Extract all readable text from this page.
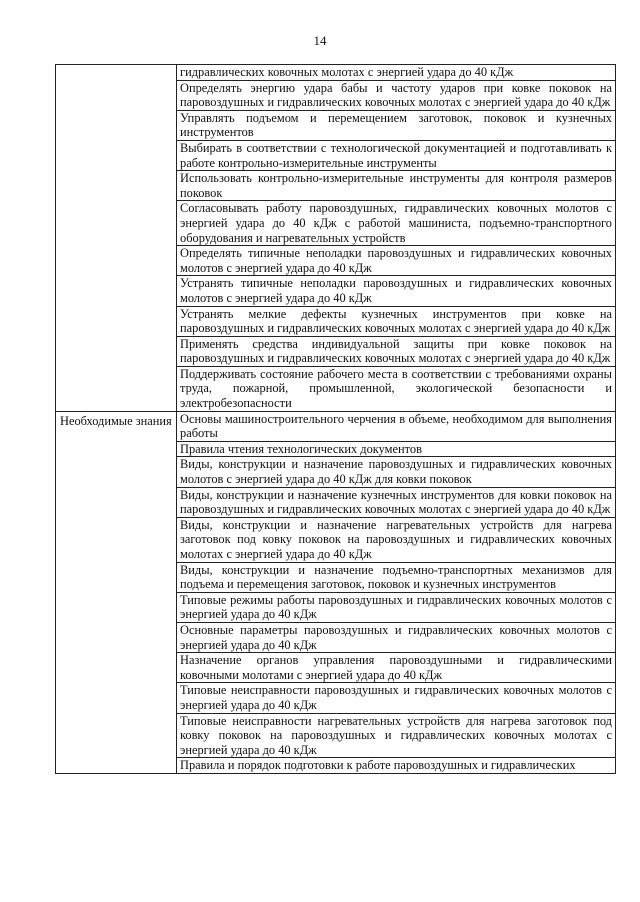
14
	гидравлических ковочных молотах с энергией удара до 40 кДж
	Определять энергию удара бабы и частоту ударов при ковке поковок на паровоздушных и гидравлических ковочных молотах с энергией удара до 40 кДж
	Управлять подъемом и перемещением заготовок, поковок и кузнечных инструментов
	Выбирать в соответствии с технологической документацией и подготавливать к работе контрольно-измерительные инструменты
	Использовать контрольно-измерительные инструменты для контроля размеров поковок
	Согласовывать работу паровоздушных, гидравлических ковочных молотов с энергией удара до 40 кДж с работой машиниста, подъемно-транспортного оборудования и нагревательных устройств
	Определять типичные неполадки паровоздушных и гидравлических ковочных молотов с энергией удара до 40 кДж
	Устранять типичные неполадки паровоздушных и гидравлических ковочных молотов с энергией удара до 40 кДж
	Устранять мелкие дефекты кузнечных инструментов при ковке на паровоздушных и гидравлических ковочных молотах с энергией удара до 40 кДж
	Применять средства индивидуальной защиты при ковке поковок на паровоздушных и гидравлических ковочных молотах с энергией удара до 40 кДж
	Поддерживать состояние рабочего места в соответствии с требованиями охраны труда, пожарной, промышленной, экологической безопасности и электробезопасности
Необходимые знания	Основы машиностроительного черчения в объеме, необходимом для выполнения работы
	Правила чтения технологических документов
	Виды, конструкции и назначение паровоздушных и гидравлических ковочных молотов с энергией удара до 40 кДж для ковки поковок
	Виды, конструкции и назначение кузнечных инструментов для ковки поковок на паровоздушных и гидравлических ковочных молотах с энергией удара до 40 кДж
	Виды, конструкции и назначение нагревательных устройств для нагрева заготовок под ковку поковок на паровоздушных и гидравлических ковочных молотах с энергией удара до 40 кДж
	Виды, конструкции и назначение подъемно-транспортных механизмов для подъема и перемещения заготовок, поковок и кузнечных инструментов
	Типовые режимы работы паровоздушных и гидравлических ковочных молотов с энергией удара до 40 кДж
	Основные параметры паровоздушных и гидравлических ковочных молотов с энергией удара до 40 кДж
	Назначение органов управления паровоздушными и гидравлическими ковочными молотами с энергией удара до 40 кДж
	Типовые неисправности паровоздушных и гидравлических ковочных молотов с энергией удара до 40 кДж
	Типовые неисправности нагревательных устройств для нагрева заготовок под ковку поковок на паровоздушных и гидравлических ковочных молотах с энергией удара до 40 кДж
	Правила и порядок подготовки к работе паровоздушных и гидравлических
